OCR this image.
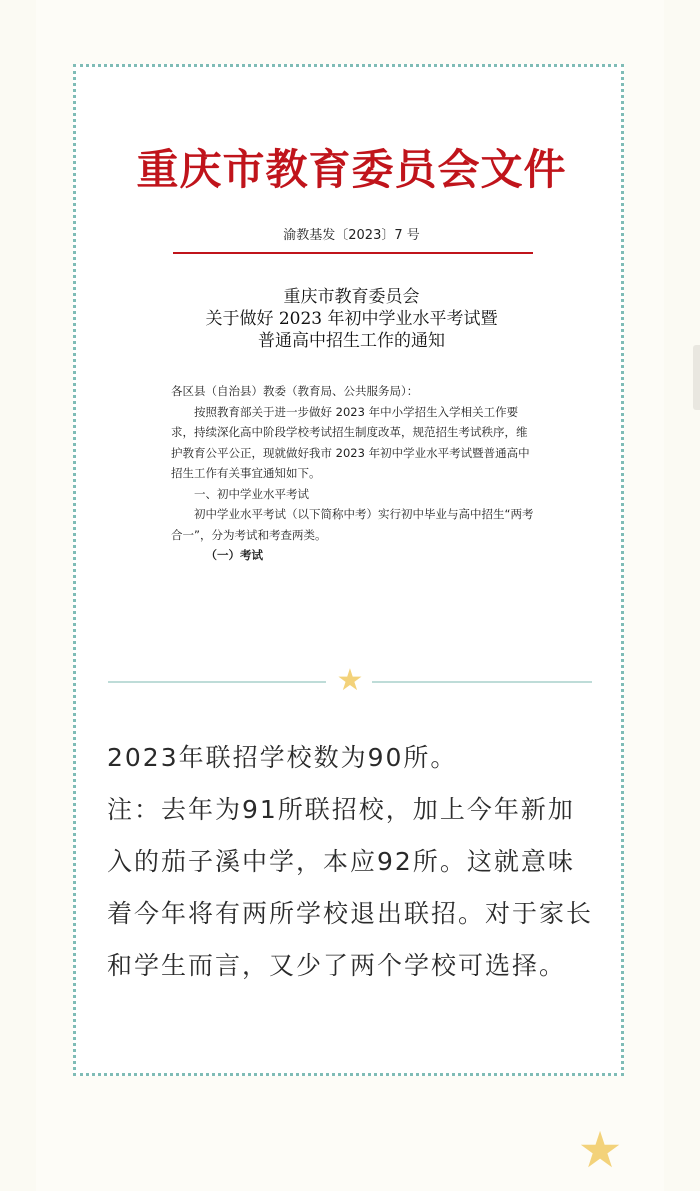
重庆市教育委员会文件
渝教基发〔2023〕7 号
重庆市教育委员会
关于做好 2023 年初中学业水平考试暨
普通高中招生工作的通知

各区县（自治县）教委（教育局、公共服务局）：

按照教育部关于进一步做好 2023 年中小学招生入学相关工作要求，持续深化高中阶段学校考试招生制度改革，规范招生考试秩序，维护教育公平公正，现就做好我市 2023 年初中学业水平考试暨普通高中招生工作有关事宜通知如下。

一、初中学业水平考试

初中学业水平考试（以下简称中考）实行初中毕业与高中招生“两考合一”，分为考试和考查两类。

（一）考试

★

2023年联招学校数为90所。

注：去年为91所联招校，加上今年新加入的茄子溪中学，本应92所。这就意味着今年将有两所学校退出联招。对于家长和学生而言，又少了两个学校可选择。

★
